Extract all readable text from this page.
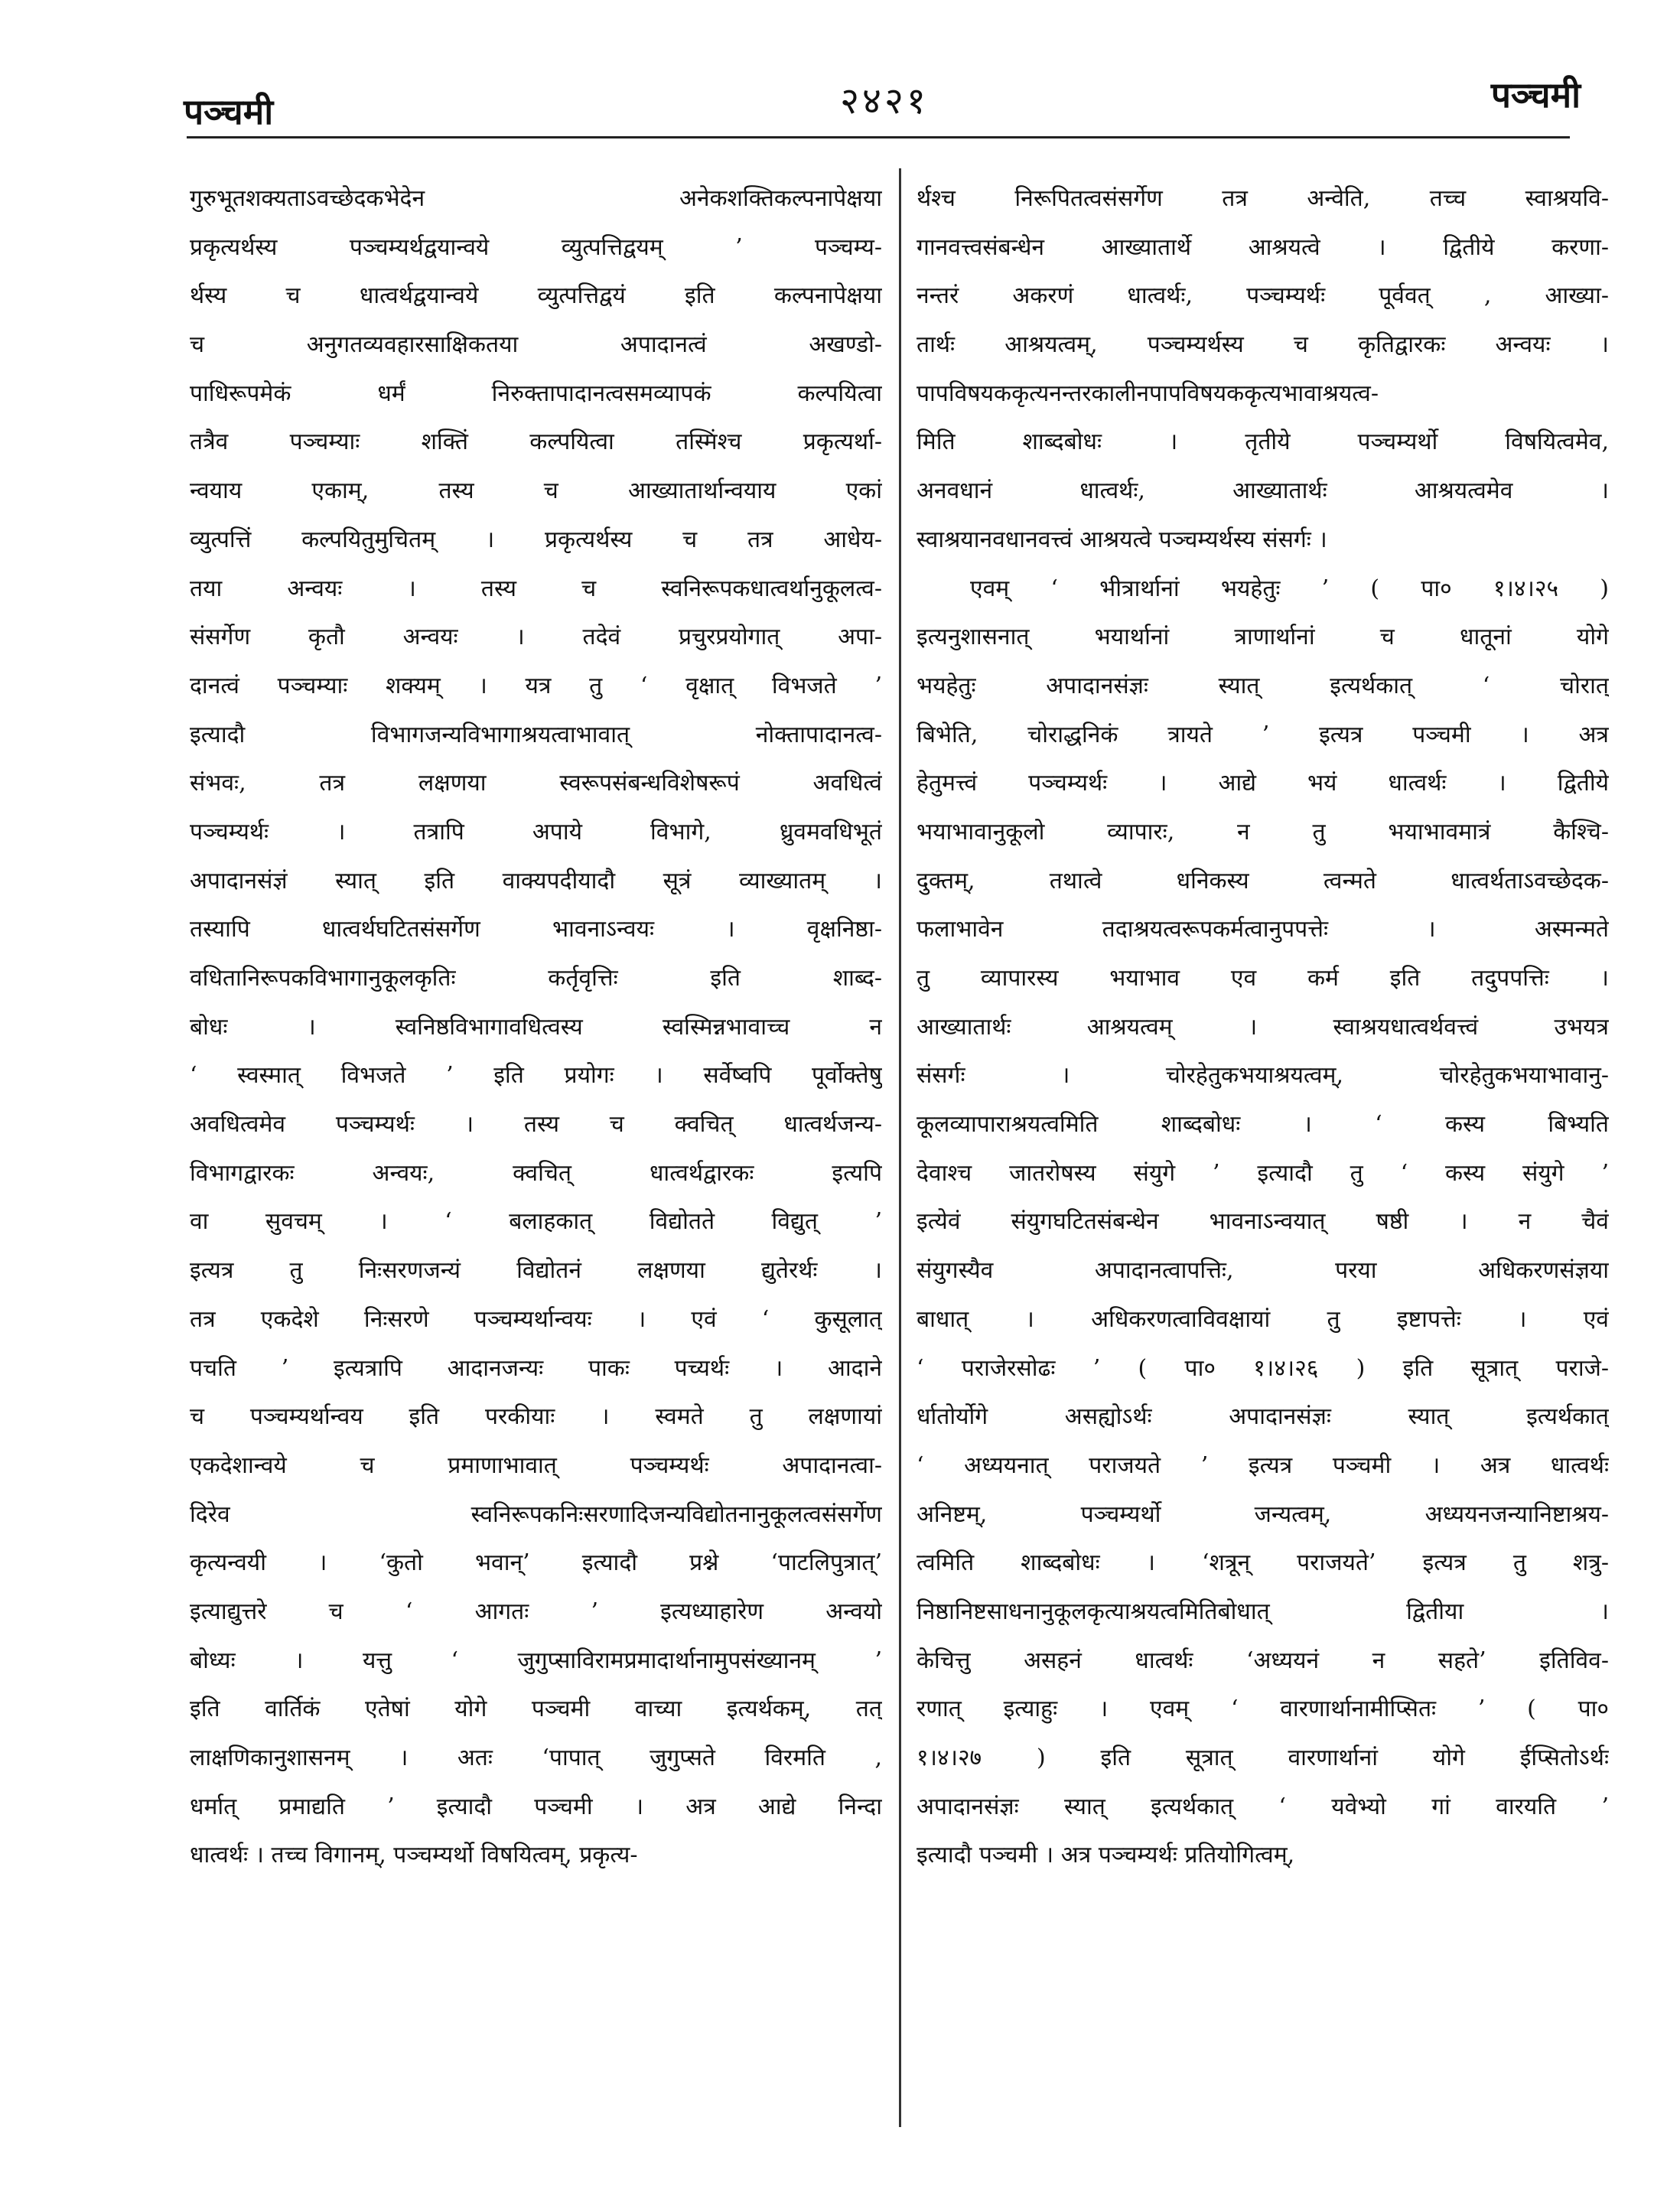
पञ्चमी	२४२१	पञ्चमी
गुरुभूतशक्यताऽवच्छेदकभेदेन अनेकशक्तिकल्पनापेक्षया
प्रकृत्यर्थस्य पञ्चम्यर्थद्वयान्वये व्युत्पत्तिद्वयम् ’ पञ्चम्य-
र्थस्य च धात्वर्थद्वयान्वये व्युत्पत्तिद्वयं इति कल्पनापेक्षया
च अनुगतव्यवहारसाक्षिकतया अपादानत्वं अखण्डो-
पाधिरूपमेकं धर्मं निरुक्तापादानत्वसमव्यापकं कल्पयित्वा
तत्रैव पञ्चम्याः शक्तिं कल्पयित्वा तस्मिंश्च प्रकृत्यर्था-
न्वयाय एकाम्, तस्य च आख्यातार्थान्वयाय एकां
व्युत्पत्तिं कल्पयितुमुचितम् । प्रकृत्यर्थस्य च तत्र आधेय-
तया अन्वयः । तस्य च स्वनिरूपकधात्वर्थानुकूलत्व-
संसर्गेण कृतौ अन्वयः । तदेवं प्रचुरप्रयोगात् अपा-
दानत्वं पञ्चम्याः शक्यम् । यत्र तु ‘ वृक्षात् विभजते ’
इत्यादौ विभागजन्यविभागाश्रयत्वाभावात् नोक्तापादानत्व-
संभवः, तत्र लक्षणया स्वरूपसंबन्धविशेषरूपं अवधित्वं
पञ्चम्यर्थः । तत्रापि अपाये विभागे, ध्रुवमवधिभूतं
अपादानसंज्ञं स्यात् इति वाक्यपदीयादौ सूत्रं व्याख्यातम् ।
तस्यापि धात्वर्थघटितसंसर्गेण भावनाऽन्वयः । वृक्षनिष्ठा-
वधितानिरूपकविभागानुकूलकृतिः कर्तृवृत्तिः इति शाब्द-
बोधः । स्वनिष्ठविभागावधित्वस्य स्वस्मिन्नभावाच्च न
‘ स्वस्मात् विभजते ’ इति प्रयोगः । सर्वेष्वपि पूर्वोक्तेषु
अवधित्वमेव पञ्चम्यर्थः । तस्य च क्वचित् धात्वर्थजन्य-
विभागद्वारकः अन्वयः, क्वचित् धात्वर्थद्वारकः इत्यपि
वा सुवचम् । ‘ बलाहकात् विद्योतते विद्युत् ’
इत्यत्र तु निःसरणजन्यं विद्योतनं लक्षणया द्युतेरर्थः ।
तत्र एकदेशे निःसरणे पञ्चम्यर्थान्वयः । एवं ‘ कुसूलात्
पचति ’ इत्यत्रापि आदानजन्यः पाकः पच्यर्थः । आदाने
च पञ्चम्यर्थान्वय इति परकीयाः । स्वमते तु लक्षणायां
एकदेशान्वये च प्रमाणाभावात् पञ्चम्यर्थः अपादानत्वा-
दिरेव स्वनिरूपकनिःसरणादिजन्यविद्योतनानुकूलत्वसंसर्गेण
कृत्यन्वयी । ‘कुतो भवान्’ इत्यादौ प्रश्ने ‘पाटलिपुत्रात्’
इत्याद्युत्तरे च ‘ आगतः ’ इत्यध्याहारेण अन्वयो
बोध्यः । यत्तु ‘ जुगुप्साविरामप्रमादार्थानामुपसंख्यानम् ’
इति वार्तिकं एतेषां योगे पञ्चमी वाच्या इत्यर्थकम्, तत्
लाक्षणिकानुशासनम् । अतः ‘पापात् जुगुप्सते विरमति ,
धर्मात् प्रमाद्यति ’ इत्यादौ पञ्चमी । अत्र आद्ये निन्दा
धात्वर्थः । तच्च विगानम्, पञ्चम्यर्थो विषयित्वम्, प्रकृत्य-
र्थश्च निरूपितत्वसंसर्गेण तत्र अन्वेति, तच्च स्वाश्रयवि-
गानवत्त्वसंबन्धेन आख्यातार्थे आश्रयत्वे । द्वितीये करणा-
नन्तरं अकरणं धात्वर्थः, पञ्चम्यर्थः पूर्ववत् , आख्या-
तार्थः आश्रयत्वम्, पञ्चम्यर्थस्य च कृतिद्वारकः अन्वयः ।
पापविषयककृत्यनन्तरकालीनपापविषयककृत्यभावाश्रयत्व-
मिति शाब्दबोधः । तृतीये पञ्चम्यर्थो विषयित्वमेव,
अनवधानं धात्वर्थः, आख्यातार्थः आश्रयत्वमेव ।
स्वाश्रयानवधानवत्त्वं आश्रयत्वे पञ्चम्यर्थस्य संसर्गः ।
एवम् ‘ भीत्रार्थानां भयहेतुः ’ ( पा० १।४।२५ )
इत्यनुशासनात् भयार्थानां त्राणार्थानां च धातूनां योगे
भयहेतुः अपादानसंज्ञः स्यात् इत्यर्थकात् ‘ चोरात्
बिभेति, चोराद्धनिकं त्रायते ’ इत्यत्र पञ्चमी । अत्र
हेतुमत्त्वं पञ्चम्यर्थः । आद्ये भयं धात्वर्थः । द्वितीये
भयाभावानुकूलो व्यापारः, न तु भयाभावमात्रं कैश्चि-
दुक्तम्, तथात्वे धनिकस्य त्वन्मते धात्वर्थताऽवच्छेदक-
फलाभावेन तदाश्रयत्वरूपकर्मत्वानुपपत्तेः । अस्मन्मते
तु व्यापारस्य भयाभाव एव कर्म इति तदुपपत्तिः ।
आख्यातार्थः आश्रयत्वम् । स्वाश्रयधात्वर्थवत्त्वं उभयत्र
संसर्गः । चोरहेतुकभयाश्रयत्वम्, चोरहेतुकभयाभावानु-
कूलव्यापाराश्रयत्वमिति शाब्दबोधः । ‘ कस्य बिभ्यति
देवाश्च जातरोषस्य संयुगे ’ इत्यादौ तु ‘ कस्य संयुगे ’
इत्येवं संयुगघटितसंबन्धेन भावनाऽन्वयात् षष्ठी । न चैवं
संयुगस्यैव अपादानत्वापत्तिः, परया अधिकरणसंज्ञया
बाधात् । अधिकरणत्वाविवक्षायां तु इष्टापत्तेः । एवं
‘ पराजेरसोढः ’ ( पा० १।४।२६ ) इति सूत्रात् पराजे-
र्धातोर्योगे असह्योऽर्थः अपादानसंज्ञः स्यात् इत्यर्थकात्
‘ अध्ययनात् पराजयते ’ इत्यत्र पञ्चमी । अत्र धात्वर्थः
अनिष्टम्, पञ्चम्यर्थो जन्यत्वम्, अध्ययनजन्यानिष्टाश्रय-
त्वमिति शाब्दबोधः । ‘शत्रून् पराजयते’ इत्यत्र तु शत्रु-
निष्ठानिष्टसाधनानुकूलकृत्याश्रयत्वमितिबोधात् द्वितीया ।
केचित्तु असहनं धात्वर्थः ‘अध्ययनं न सहते’ इतिविव-
रणात् इत्याहुः । एवम् ‘ वारणार्थानामीप्सितः ’ ( पा०
१।४।२७ ) इति सूत्रात् वारणार्थानां योगे ईप्सितोऽर्थः
अपादानसंज्ञः स्यात् इत्यर्थकात् ‘ यवेभ्यो गां वारयति ’
इत्यादौ पञ्चमी । अत्र पञ्चम्यर्थः प्रतियोगित्वम्,
